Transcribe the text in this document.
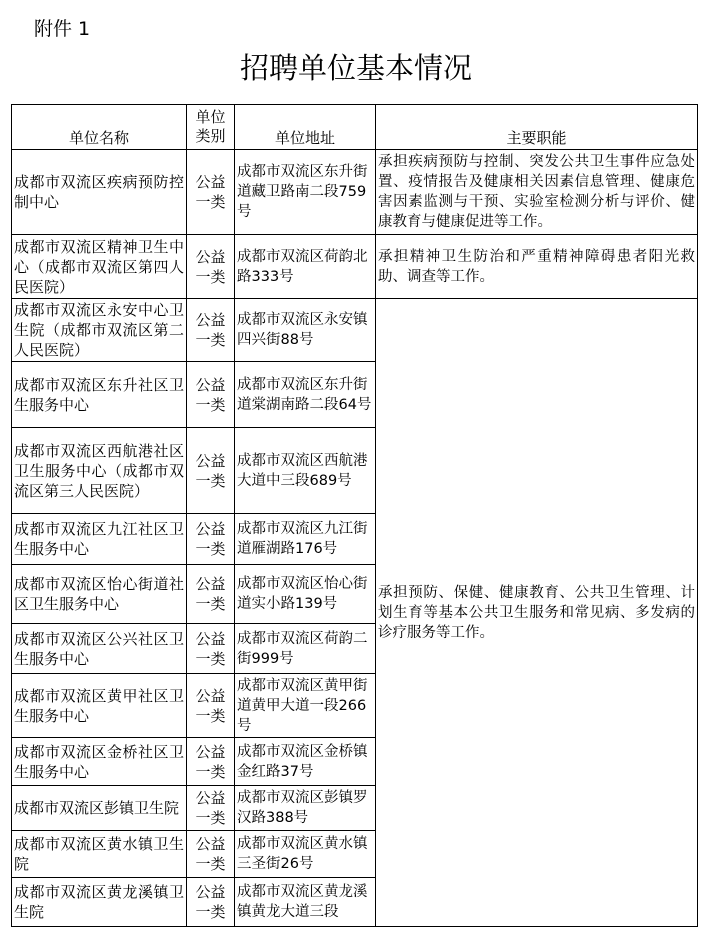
附件 1
招聘单位基本情况
单位名称	单位类别	单位地址	主要职能
成都市双流区疾病预防控制中心	公益一类	成都市双流区东升街道藏卫路南二段759号	承担疾病预防与控制、突发公共卫生事件应急处置、疫情报告及健康相关因素信息管理、健康危害因素监测与干预、实验室检测分析与评价、健康教育与健康促进等工作。
成都市双流区精神卫生中心（成都市双流区第四人民医院）	公益一类	成都市双流区荷韵北路333号	承担精神卫生防治和严重精神障碍患者阳光救助、调查等工作。
成都市双流区永安中心卫生院（成都市双流区第二人民医院）	公益一类	成都市双流区永安镇四兴街88号	承担预防、保健、健康教育、公共卫生管理、计划生育等基本公共卫生服务和常见病、多发病的诊疗服务等工作。
成都市双流区东升社区卫生服务中心	公益一类	成都市双流区东升街道棠湖南路二段64号	
成都市双流区西航港社区卫生服务中心（成都市双流区第三人民医院）	公益一类	成都市双流区西航港大道中三段689号	
成都市双流区九江社区卫生服务中心	公益一类	成都市双流区九江街道雁湖路176号	
成都市双流区怡心街道社区卫生服务中心	公益一类	成都市双流区怡心街道实小路139号	
成都市双流区公兴社区卫生服务中心	公益一类	成都市双流区荷韵二街999号	
成都市双流区黄甲社区卫生服务中心	公益一类	成都市双流区黄甲街道黄甲大道一段266号	
成都市双流区金桥社区卫生服务中心	公益一类	成都市双流区金桥镇金红路37号	
成都市双流区彭镇卫生院	公益一类	成都市双流区彭镇罗汉路388号	
成都市双流区黄水镇卫生院	公益一类	成都市双流区黄水镇三圣街26号	
成都市双流区黄龙溪镇卫生院	公益一类	成都市双流区黄龙溪镇黄龙大道三段	
